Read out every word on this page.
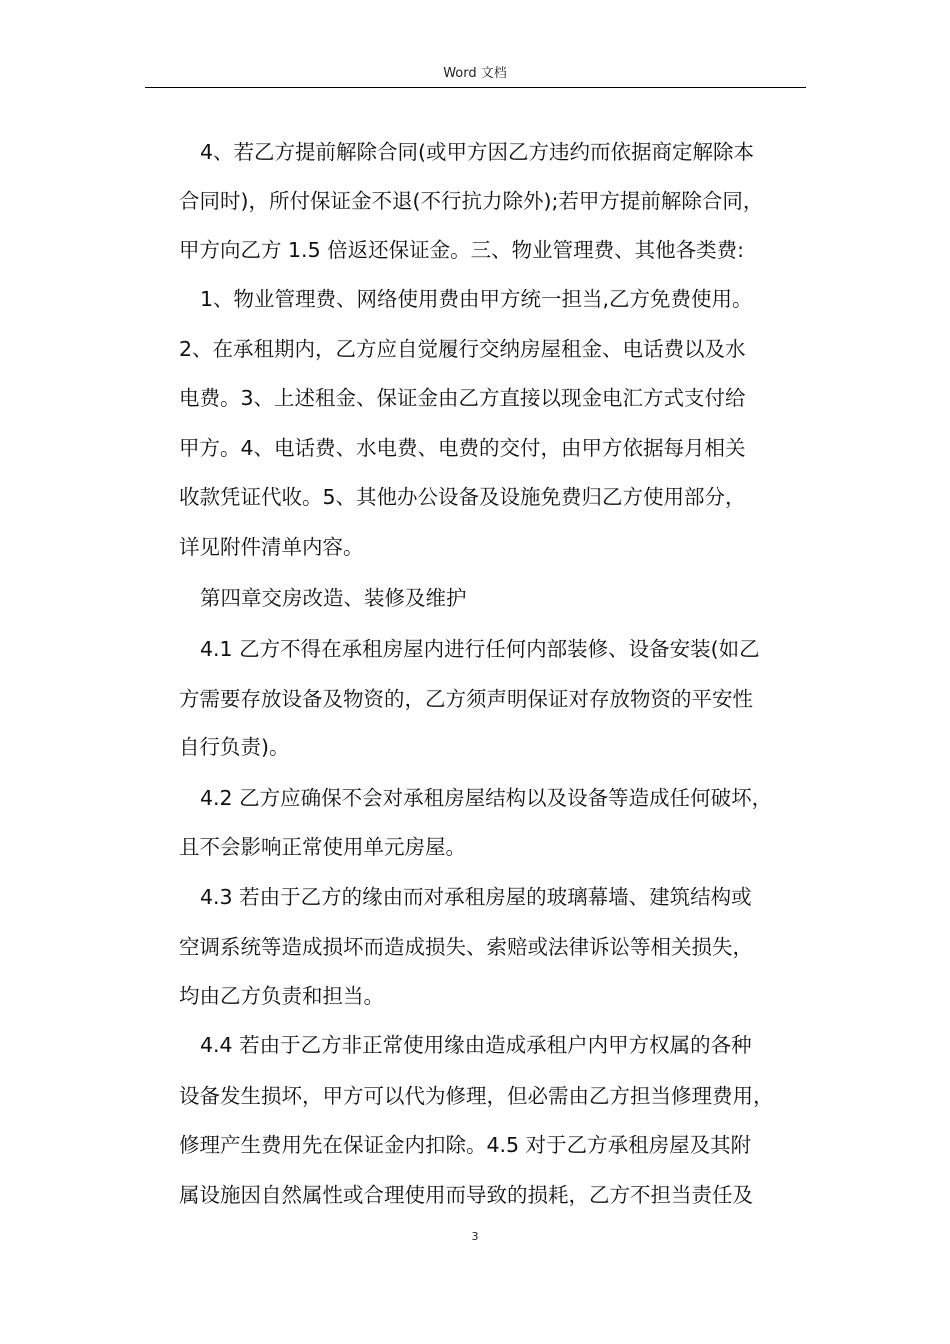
Word 文档
4、若乙方提前解除合同(或甲方因乙方违约而依据商定解除本
合同时)，所付保证金不退(不行抗力除外);若甲方提前解除合同，
甲方向乙方 1.5 倍返还保证金。三、物业管理费、其他各类费:
1、物业管理费、网络使用费由甲方统一担当,乙方免费使用。
2、在承租期内，乙方应自觉履行交纳房屋租金、电话费以及水
电费。3、上述租金、保证金由乙方直接以现金电汇方式支付给
甲方。4、电话费、水电费、电费的交付，由甲方依据每月相关
收款凭证代收。5、其他办公设备及设施免费归乙方使用部分，
详见附件清单内容。
第四章交房改造、装修及维护
4.1 乙方不得在承租房屋内进行任何内部装修、设备安装(如乙
方需要存放设备及物资的，乙方须声明保证对存放物资的平安性
自行负责)。
4.2 乙方应确保不会对承租房屋结构以及设备等造成任何破坏，
且不会影响正常使用单元房屋。
4.3 若由于乙方的缘由而对承租房屋的玻璃幕墙、建筑结构或
空调系统等造成损坏而造成损失、索赔或法律诉讼等相关损失，
均由乙方负责和担当。
4.4 若由于乙方非正常使用缘由造成承租户内甲方权属的各种
设备发生损坏，甲方可以代为修理，但必需由乙方担当修理费用，
修理产生费用先在保证金内扣除。4.5 对于乙方承租房屋及其附
属设施因自然属性或合理使用而导致的损耗，乙方不担当责任及
3
